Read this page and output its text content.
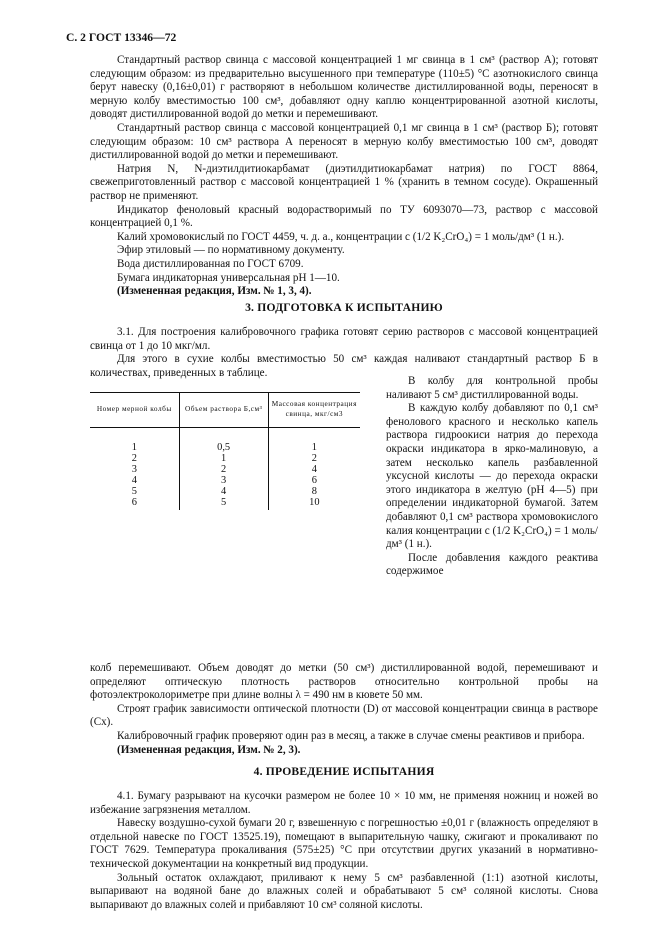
С. 2 ГОСТ 13346—72

Стандартный раствор свинца с массовой концентрацией 1 мг свинца в 1 см³ (раствор А); готовят следующим образом: из предварительно высушенного при температуре (110±5) °С азотнокислого свинца берут навеску (0,16±0,01) г растворяют в небольшом количестве дистиллированной воды, переносят в мерную колбу вместимостью 100 см³, добавляют одну каплю концентрированной азотной кислоты, доводят дистиллированной водой до метки и перемешивают.

Стандартный раствор свинца с массовой концентрацией 0,1 мг свинца в 1 см³ (раствор Б); готовят следующим образом: 10 см³ раствора А переносят в мерную колбу вместимостью 100 см³, доводят дистиллированной водой до метки и перемешивают.

Натрия N, N-диэтилдитиокарбамат (диэтилдитиокарбамат натрия) по ГОСТ 8864, свежеприготовленный раствор с массовой концентрацией 1 % (хранить в темном сосуде). Окрашенный раствор не применяют.

Индикатор феноловый красный водорастворимый по ТУ 6093070—73, раствор с массовой концентрацией 0,1 %.

Калий хромовокислый по ГОСТ 4459, ч. д. а., концентрации c (1/2 K₂CrO₄) = 1 моль/дм³ (1 н.).

Эфир этиловый — по нормативному документу.

Вода дистиллированная по ГОСТ 6709.

Бумага индикаторная универсальная pH 1—10.

(Измененная редакция, Изм. № 1, 3, 4).

3. ПОДГОТОВКА К ИСПЫТАНИЮ

3.1. Для построения калибровочного графика готовят серию растворов с массовой концентрацией свинца от 1 до 10 мкг/мл.

Для этого в сухие колбы вместимостью 50 см³ каждая наливают стандартный раствор Б в количествах, приведенных в таблице.

Номер мерной колбы	Объем раствора Б,см³	Массовая концентрация свинца, мкг/см3
1	0,5	1
2	1	2
3	2	4
4	3	6
5	4	8
6	5	10

В колбу для контрольной пробы наливают 5 см³ дистиллированной воды.

В каждую колбу добавляют по 0,1 см³ фенолового красного и несколько капель раствора гидроокиси натрия до перехода окраски индикатора в ярко-малиновую, а затем несколько капель разбавленной уксусной кислоты — до перехода окраски этого индикатора в желтую (pH 4—5) при определении индикаторной бумагой. Затем добавляют 0,1 см³ раствора хромовокислого калия концентрации c (1/2 K₂CrO₄) = 1 моль/дм³ (1 н.).

После добавления каждого реактива содержимое

колб перемешивают. Объем доводят до метки (50 см³) дистиллированной водой, перемешивают и определяют оптическую плотность растворов относительно контрольной пробы на фотоэлектроколориметре при длине волны λ = 490 нм в кювете 50 мм.

Строят график зависимости оптической плотности (D) от массовой концентрации свинца в растворе (Cx).

Калибровочный график проверяют один раз в месяц, а также в случае смены реактивов и прибора.

(Измененная редакция, Изм. № 2, 3).

4. ПРОВЕДЕНИЕ ИСПЫТАНИЯ

4.1. Бумагу разрывают на кусочки размером не более 10 × 10 мм, не применяя ножниц и ножей во избежание загрязнения металлом.

Навеску воздушно-сухой бумаги 20 г, взвешенную с погрешностью ±0,01 г (влажность определяют в отдельной навеске по ГОСТ 13525.19), помещают в выпарительную чашку, сжигают и прокаливают по ГОСТ 7629. Температура прокаливания (575±25) °С при отсутствии других указаний в нормативно-технической документации на конкретный вид продукции.

Зольный остаток охлаждают, приливают к нему 5 см³ разбавленной (1:1) азотной кислоты, выпаривают на водяной бане до влажных солей и обрабатывают 5 см³ соляной кислоты. Снова выпаривают до влажных солей и прибавляют 10 см³ соляной кислоты.
